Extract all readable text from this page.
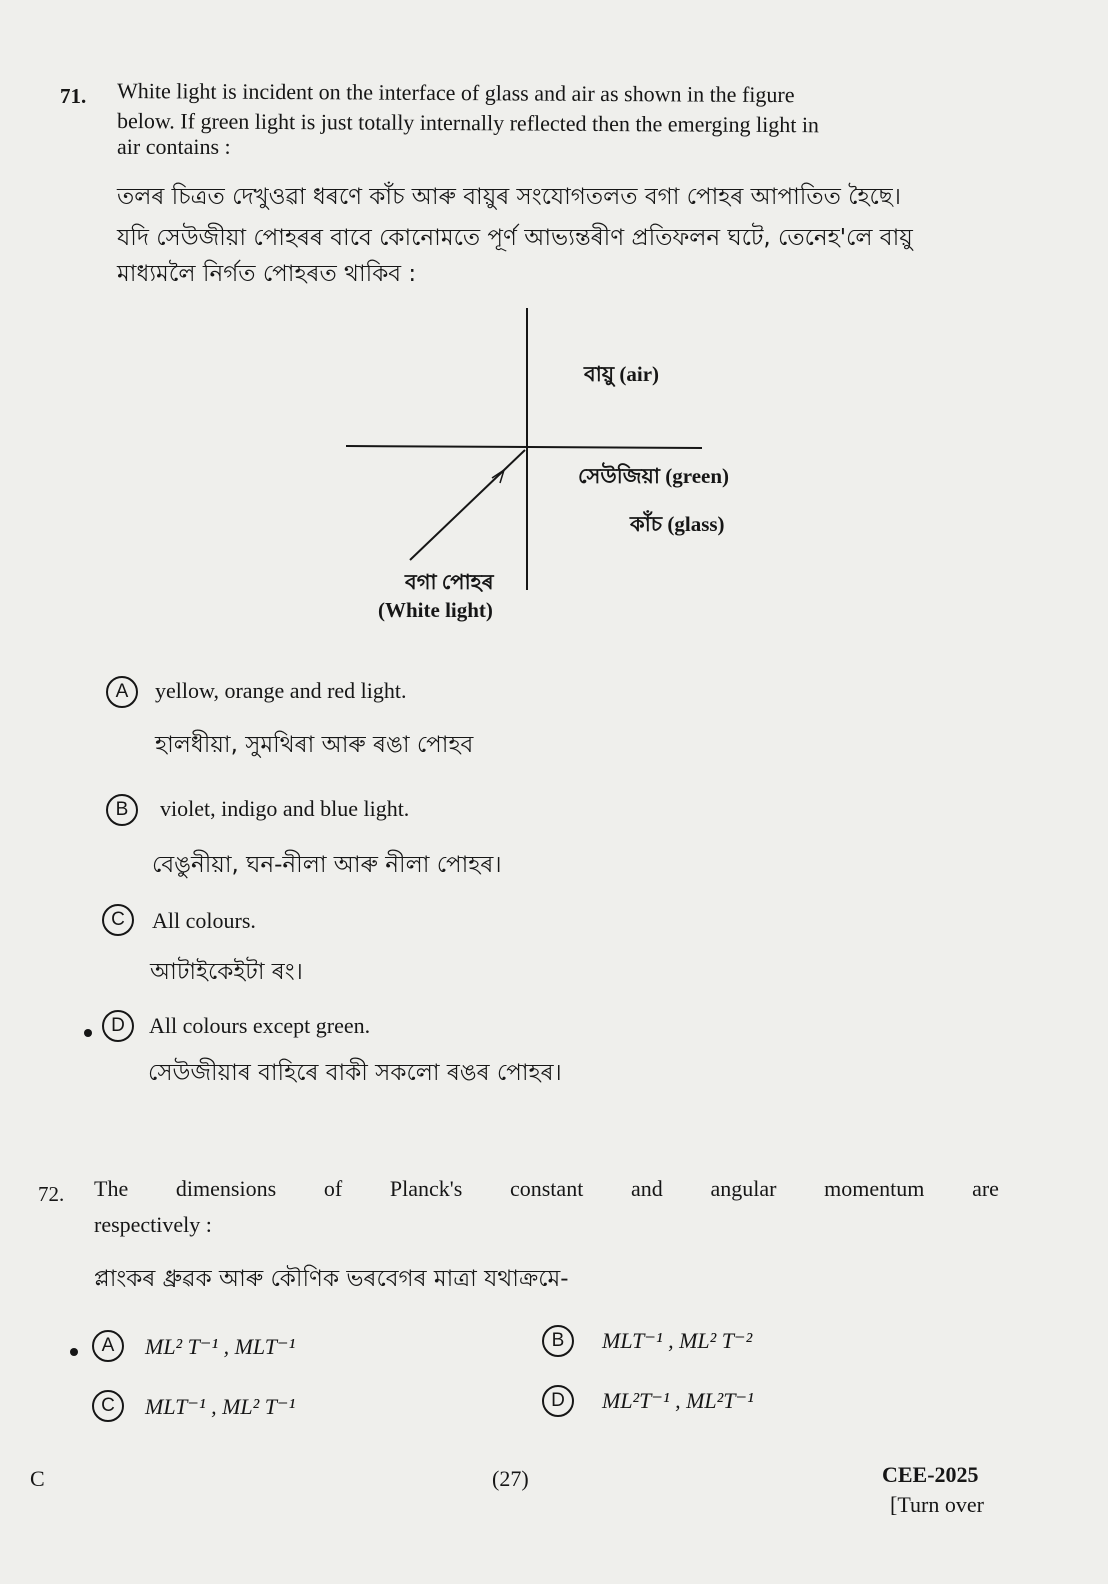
71. White light is incident on the interface of glass and air as shown in the figure
below. If green light is just totally internally reflected then the emerging light in
air contains :
তলৰ চিত্ৰত দেখুওৱা ধৰণে কাঁচ আৰু বায়ুৰ সংযোগতলত বগা পোহৰ আপাতিত হৈছে।
যদি সেউজীয়া পোহৰৰ বাবে কোনোমতে পূৰ্ণ আভ্যন্তৰীণ প্ৰতিফলন ঘটে, তেনেহ'লে বায়ু
মাধ্যমলৈ নিৰ্গত পোহৰত থাকিব :
বায়ু (air)
সেউজিয়া (green)
কাঁচ (glass)
বগা পোহৰ
(White light)
A	yellow, orange and red light.
হালধীয়া, সুমথিৰা আৰু ৰঙা পোহব
B	violet, indigo and blue light.
বেঙুনীয়া, ঘন-নীলা আৰু নীলা পোহৰ।
C	All colours.
আটাইকেইটা ৰং।
D	All colours except green.
সেউজীয়াৰ বাহিৰে বাকী সকলো ৰঙৰ পোহৰ।
72. The dimensions of Planck's constant and angular momentum are
respectively :
প্লাংকৰ ধ্ৰুৱক আৰু কৌণিক ভৰবেগৰ মাত্ৰা যথাক্ৰমে-
A	ML² T⁻¹ , MLT⁻¹	B	MLT⁻¹ , ML² T⁻²
C	MLT⁻¹ , ML² T⁻¹	D	ML²T⁻¹ , ML²T⁻¹
C	(27)	CEE-2025
[Turn over
